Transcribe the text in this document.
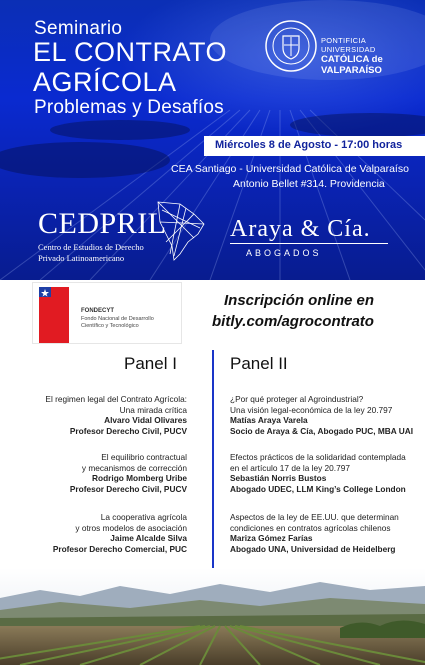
Seminario
EL CONTRATO
AGRÍCOLA
Problemas y Desafíos
PONTIFICIA
UNIVERSIDAD
CATÓLICA de
VALPARAÍSO
Miércoles 8 de Agosto - 17:00 horas
CEA Santiago - Universidad Católica de Valparaíso
Antonio Bellet #314. Providencia
CEDPRIL
Centro de Estudios de Derecho
Privado Latinoamericano
Araya & Cía.
ABOGADOS
FONDECYT
Fondo Nacional de Desarrollo
Científico y Tecnológico
Inscripción online en
bitly.com/agrocontrato
Panel I	Panel II
El regimen legal del Contrato Agrícola:
Una mirada crítica
Alvaro Vidal Olivares
Profesor Derecho Civil, PUCV
El equilibrio contractual
y mecanismos de corrección
Rodrigo Momberg Uribe
Profesor Derecho Civil, PUCV
La cooperativa agrícola
y otros modelos de asociación
Jaime Alcalde Silva
Profesor Derecho Comercial, PUC
¿Por qué proteger al Agroindustrial?
Una visión legal-económica de la ley 20.797
Matías Araya Varela
Socio de Araya & Cía, Abogado PUC, MBA UAI
Efectos prácticos de la solidaridad contemplada
en el artículo 17 de la ley 20.797
Sebastián Norris Bustos
Abogado UDEC, LLM King’s College London
Aspectos de la ley de EE.UU. que determinan
condiciones en contratos agrícolas chilenos
Mariza Gómez Farías
Abogado UNA, Universidad de Heidelberg
